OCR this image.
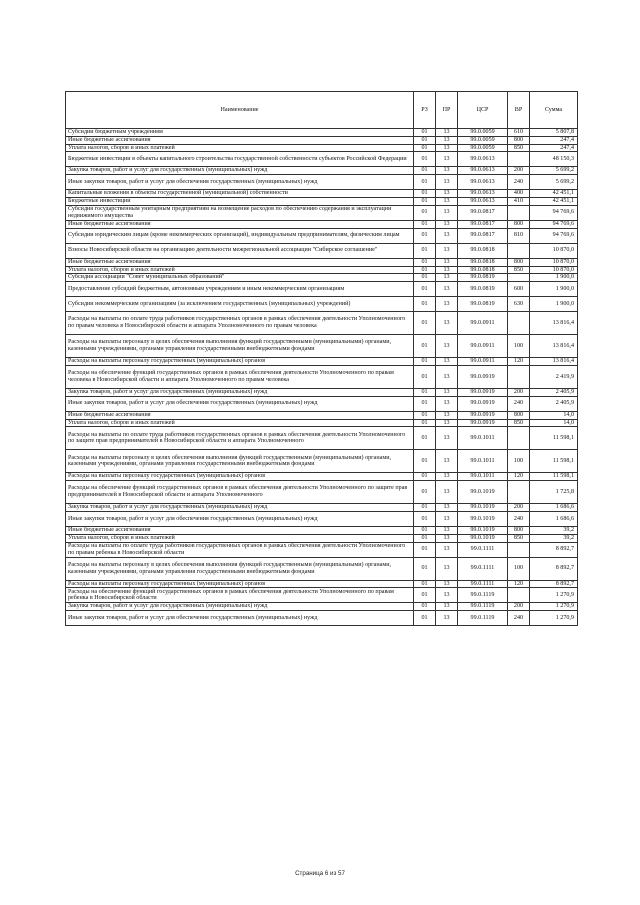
Наименование	РЗ	ПР	ЦСР	ВР	Сумма
Субсидии бюджетным учреждениям	01	13	99.0.0059	610	5 807,8
Иные бюджетные ассигнования	01	13	99.0.0059	800	247,4
Уплата налогов, сборов и иных платежей	01	13	99.0.0059	850	247,4
Бюджетные инвестиции в объекты капитального строительства государственной собственности субъектов Российской Федерации	01	13	99.0.0613		48 150,3
Закупка товаров, работ и услуг для государственных (муниципальных) нужд	01	13	99.0.0613	200	5 699,2
Иные закупки товаров, работ и услуг для обеспечения государственных (муниципальных) нужд	01	13	99.0.0613	240	5 699,2
Капитальные вложения в объекты государственной (муниципальной) собственности	01	13	99.0.0613	400	42 451,1
Бюджетные инвестиции	01	13	99.0.0613	410	42 451,1
Субсидия государственным унитарным предприятиям на возмещение расходов по обеспечению содержания и эксплуатации недвижимого имущества	01	13	99.0.0817		94 769,6
Иные бюджетные ассигнования	01	13	99.0.0817	800	94 769,6
Субсидии юридическим лицам (кроме некоммерческих организаций), индивидуальным предпринимателям, физическим лицам	01	13	99.0.0817	810	94 769,6
Взносы Новосибирской области на организацию деятельности межрегиональной ассоциации "Сибирское соглашение"	01	13	99.0.0818		10 870,0
Иные бюджетные ассигнования	01	13	99.0.0818	800	10 870,0
Уплата налогов, сборов и иных платежей	01	13	99.0.0818	850	10 870,0
Субсидия ассоциации "Совет муниципальных образований"	01	13	99.0.0819		1 900,0
Предоставление субсидий бюджетным, автономным учреждениям и иным некоммерческим организациям	01	13	99.0.0819	600	1 900,0
Субсидии некоммерческим организациям (за исключением государственных (муниципальных) учреждений)	01	13	99.0.0819	630	1 900,0
Расходы на выплаты по оплате труда работников государственных органов в рамках обеспечения деятельности Уполномоченного по правам человека в Новосибирской области и аппарата Уполномоченного по правам человека	01	13	99.0.0911		13 816,4
Расходы на выплаты персоналу в целях обеспечения выполнения функций государственными (муниципальными) органами, казенными учреждениями, органами управления государственными внебюджетными фондами	01	13	99.0.0911	100	13 816,4
Расходы на выплаты персоналу государственных (муниципальных) органов	01	13	99.0.0911	120	13 816,4
Расходы на обеспечение функций государственных органов в рамках обеспечения деятельности Уполномоченного по правам человека в Новосибирской области и аппарата Уполномоченного по правам человека	01	13	99.0.0919		2 419,9
Закупка товаров, работ и услуг для государственных (муниципальных) нужд	01	13	99.0.0919	200	2 405,9
Иные закупки товаров, работ и услуг для обеспечения государственных (муниципальных) нужд	01	13	99.0.0919	240	2 405,9
Иные бюджетные ассигнования	01	13	99.0.0919	800	14,0
Уплата налогов, сборов и иных платежей	01	13	99.0.0919	850	14,0
Расходы на выплаты по оплате труда работников государственных органов в рамках обеспечения деятельности Уполномоченного по защите прав предпринимателей в Новосибирской области и аппарата Уполномоченного	01	13	99.0.1011		11 598,1
Расходы на выплаты персоналу в целях обеспечения выполнения функций государственными (муниципальными) органами, казенными учреждениями, органами управления государственными внебюджетными фондами	01	13	99.0.1011	100	11 598,1
Расходы на выплаты персоналу государственных (муниципальных) органов	01	13	99.0.1011	120	11 598,1
Расходы на обеспечение функций государственных органов в рамках обеспечения деятельности Уполномоченного по защите прав предпринимателей в Новосибирской области и аппарата Уполномоченного	01	13	99.0.1019		1 725,8
Закупка товаров, работ и услуг для государственных (муниципальных) нужд	01	13	99.0.1019	200	1 686,6
Иные закупки товаров, работ и услуг для обеспечения государственных (муниципальных) нужд	01	13	99.0.1019	240	1 686,6
Иные бюджетные ассигнования	01	13	99.0.1019	800	39,2
Уплата налогов, сборов и иных платежей	01	13	99.0.1019	850	39,2
Расходы на выплаты по оплате труда работников государственных органов в рамках обеспечения деятельности Уполномоченного по правам ребенка в Новосибирской области	01	13	99.0.1111		8 892,7
Расходы на выплаты персоналу в целях обеспечения выполнения функций государственными (муниципальными) органами, казенными учреждениями, органами управления государственными внебюджетными фондами	01	13	99.0.1111	100	8 892,7
Расходы на выплаты персоналу государственных (муниципальных) органов	01	13	99.0.1111	120	8 892,7
Расходы на обеспечение функций государственных органов в рамках обеспечения деятельности Уполномоченного по правам ребенка в Новосибирской области	01	13	99.0.1119		1 270,9
Закупка товаров, работ и услуг для государственных (муниципальных) нужд	01	13	99.0.1119	200	1 270,9
Иные закупки товаров, работ и услуг для обеспечения государственных (муниципальных) нужд	01	13	99.0.1119	240	1 270,9
Страница 6 из 57
